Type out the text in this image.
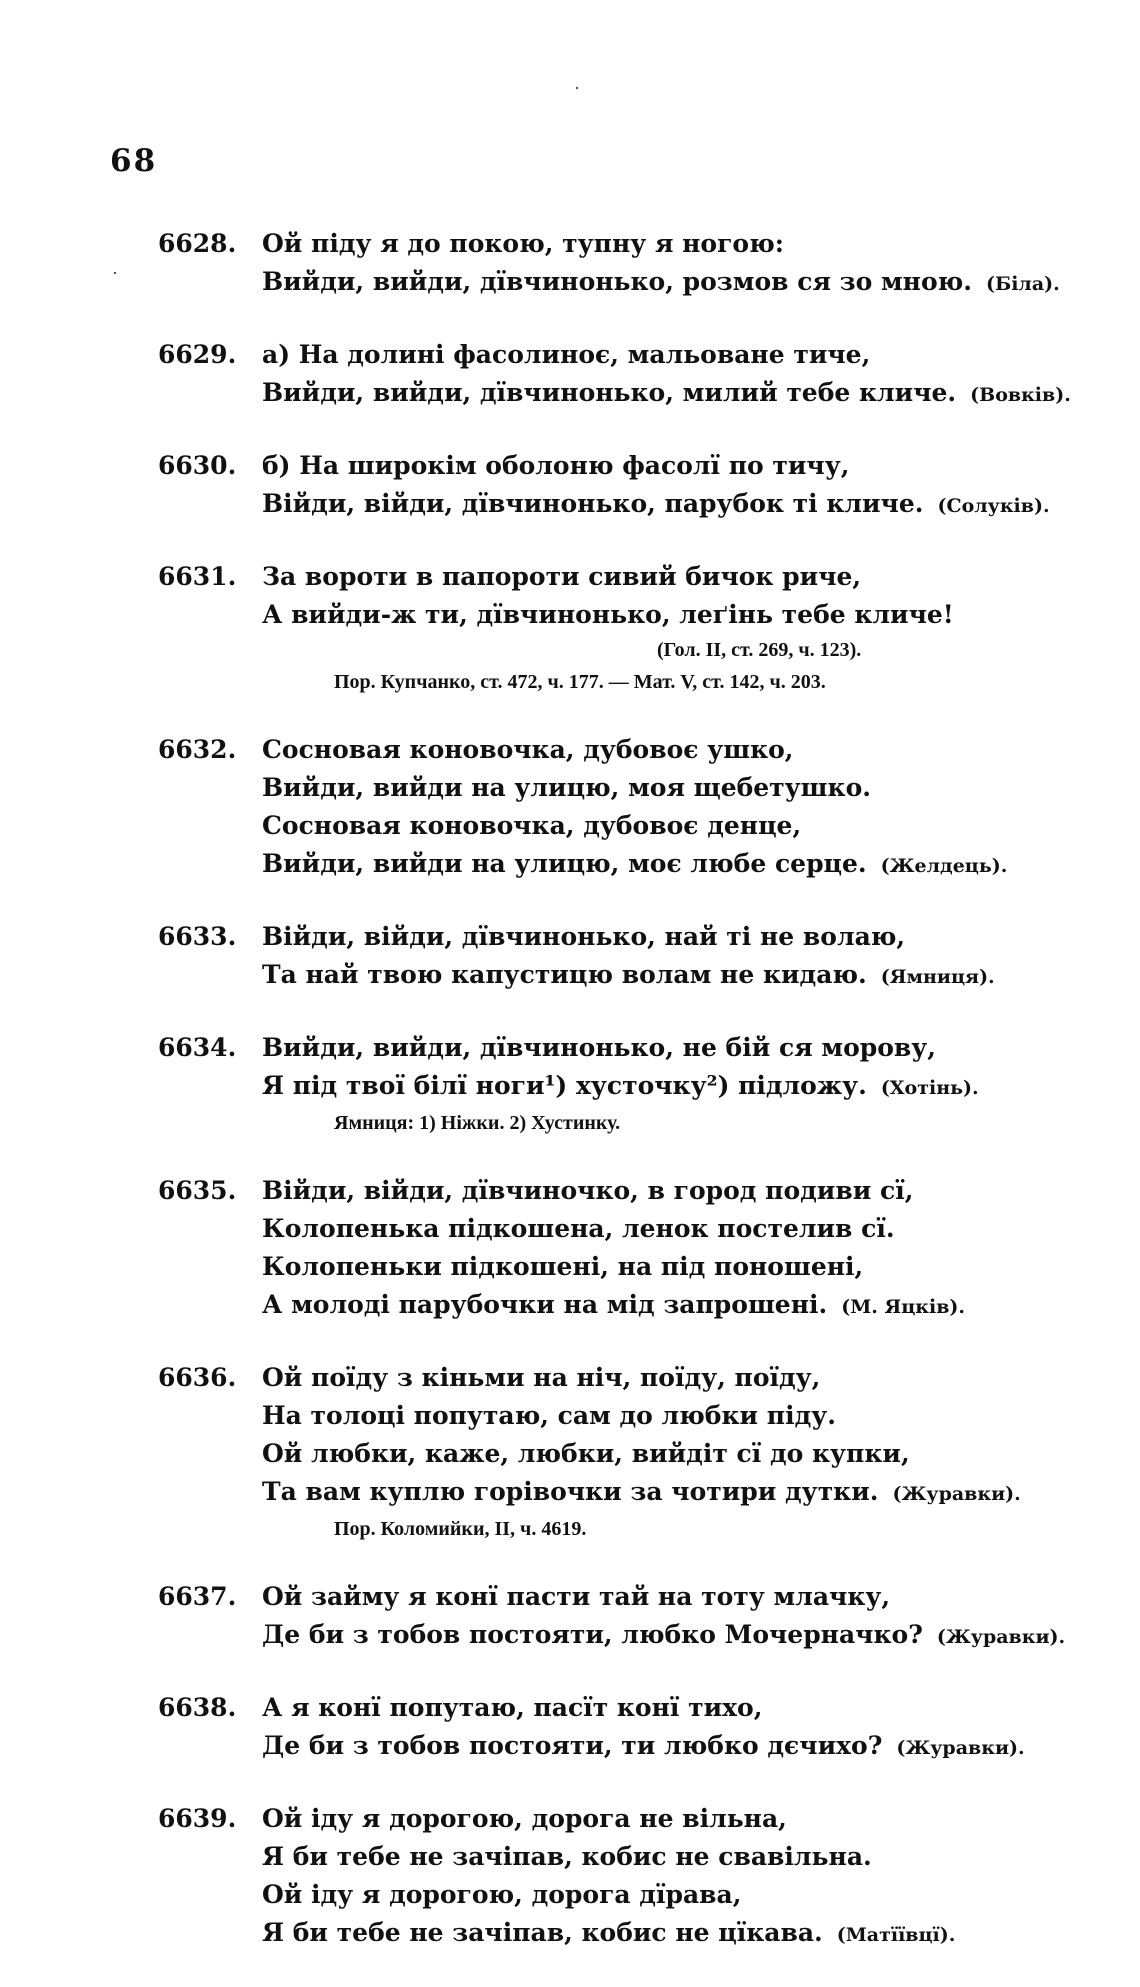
68
6628. Ой піду я до покою, тупну я ногою:
Вийди, вийди, дївчинонько, розмов ся зо мною. (Біла).
6629. а) На долині фасолиноє, мальоване тиче,
Вийди, вийди, дївчинонько, милий тебе кличе. (Вовків).
6630. б) На широкім оболоню фасолї по тичу,
Війди, війди, дївчинонько, парубок ті кличе. (Солуків).
6631. За вороти в папороти сивий бичок риче,
А вийди-ж ти, дївчинонько, леґінь тебе кличе!
(Гол. II, ст. 269, ч. 123).
Пор. Купчанко, ст. 472, ч. 177. — Мат. V, ст. 142, ч. 203.
6632. Сосновая коновочка, дубовоє ушко,
Вийди, вийди на улицю, моя щебетушко.
Сосновая коновочка, дубовоє денце,
Вийди, вийди на улицю, моє любе серце. (Желдець).
6633. Війди, війди, дївчинонько, най ті не волаю,
Та най твою капустицю волам не кидаю. (Ямниця).
6634. Вийди, вийди, дївчинонько, не бій ся морову,
Я під твої білї ноги¹) хусточку²) підложу. (Хотінь).
Ямниця: 1) Ніжки. 2) Хустинку.
6635. Війди, війди, дївчиночко, в город подиви сї,
Колопенька підкошена, ленок постелив сї.
Колопеньки підкошені, на під поношені,
А молоді парубочки на мід запрошені. (М. Яцків).
6636. Ой поїду з кіньми на ніч, поїду, поїду,
На толоці попутаю, сам до любки піду.
Ой любки, каже, любки, вийдіт сї до купки,
Та вам куплю горівочки за чотири дутки. (Журавки).
Пор. Коломийки, II, ч. 4619.
6637. Ой займу я конї пасти тай на тоту млачку,
Де би з тобов постояти, любко Мочерначко? (Журавки).
6638. А я конї попутаю, пасїт конї тихо,
Де би з тобов постояти, ти любко дєчихо? (Журавки).
6639. Ой іду я дорогою, дорога не вільна,
Я би тебе не зачіпав, кобис не свавільна.
Ой іду я дорогою, дорога дїрава,
Я би тебе не зачіпав, кобис не цїкава. (Матїївцї).
